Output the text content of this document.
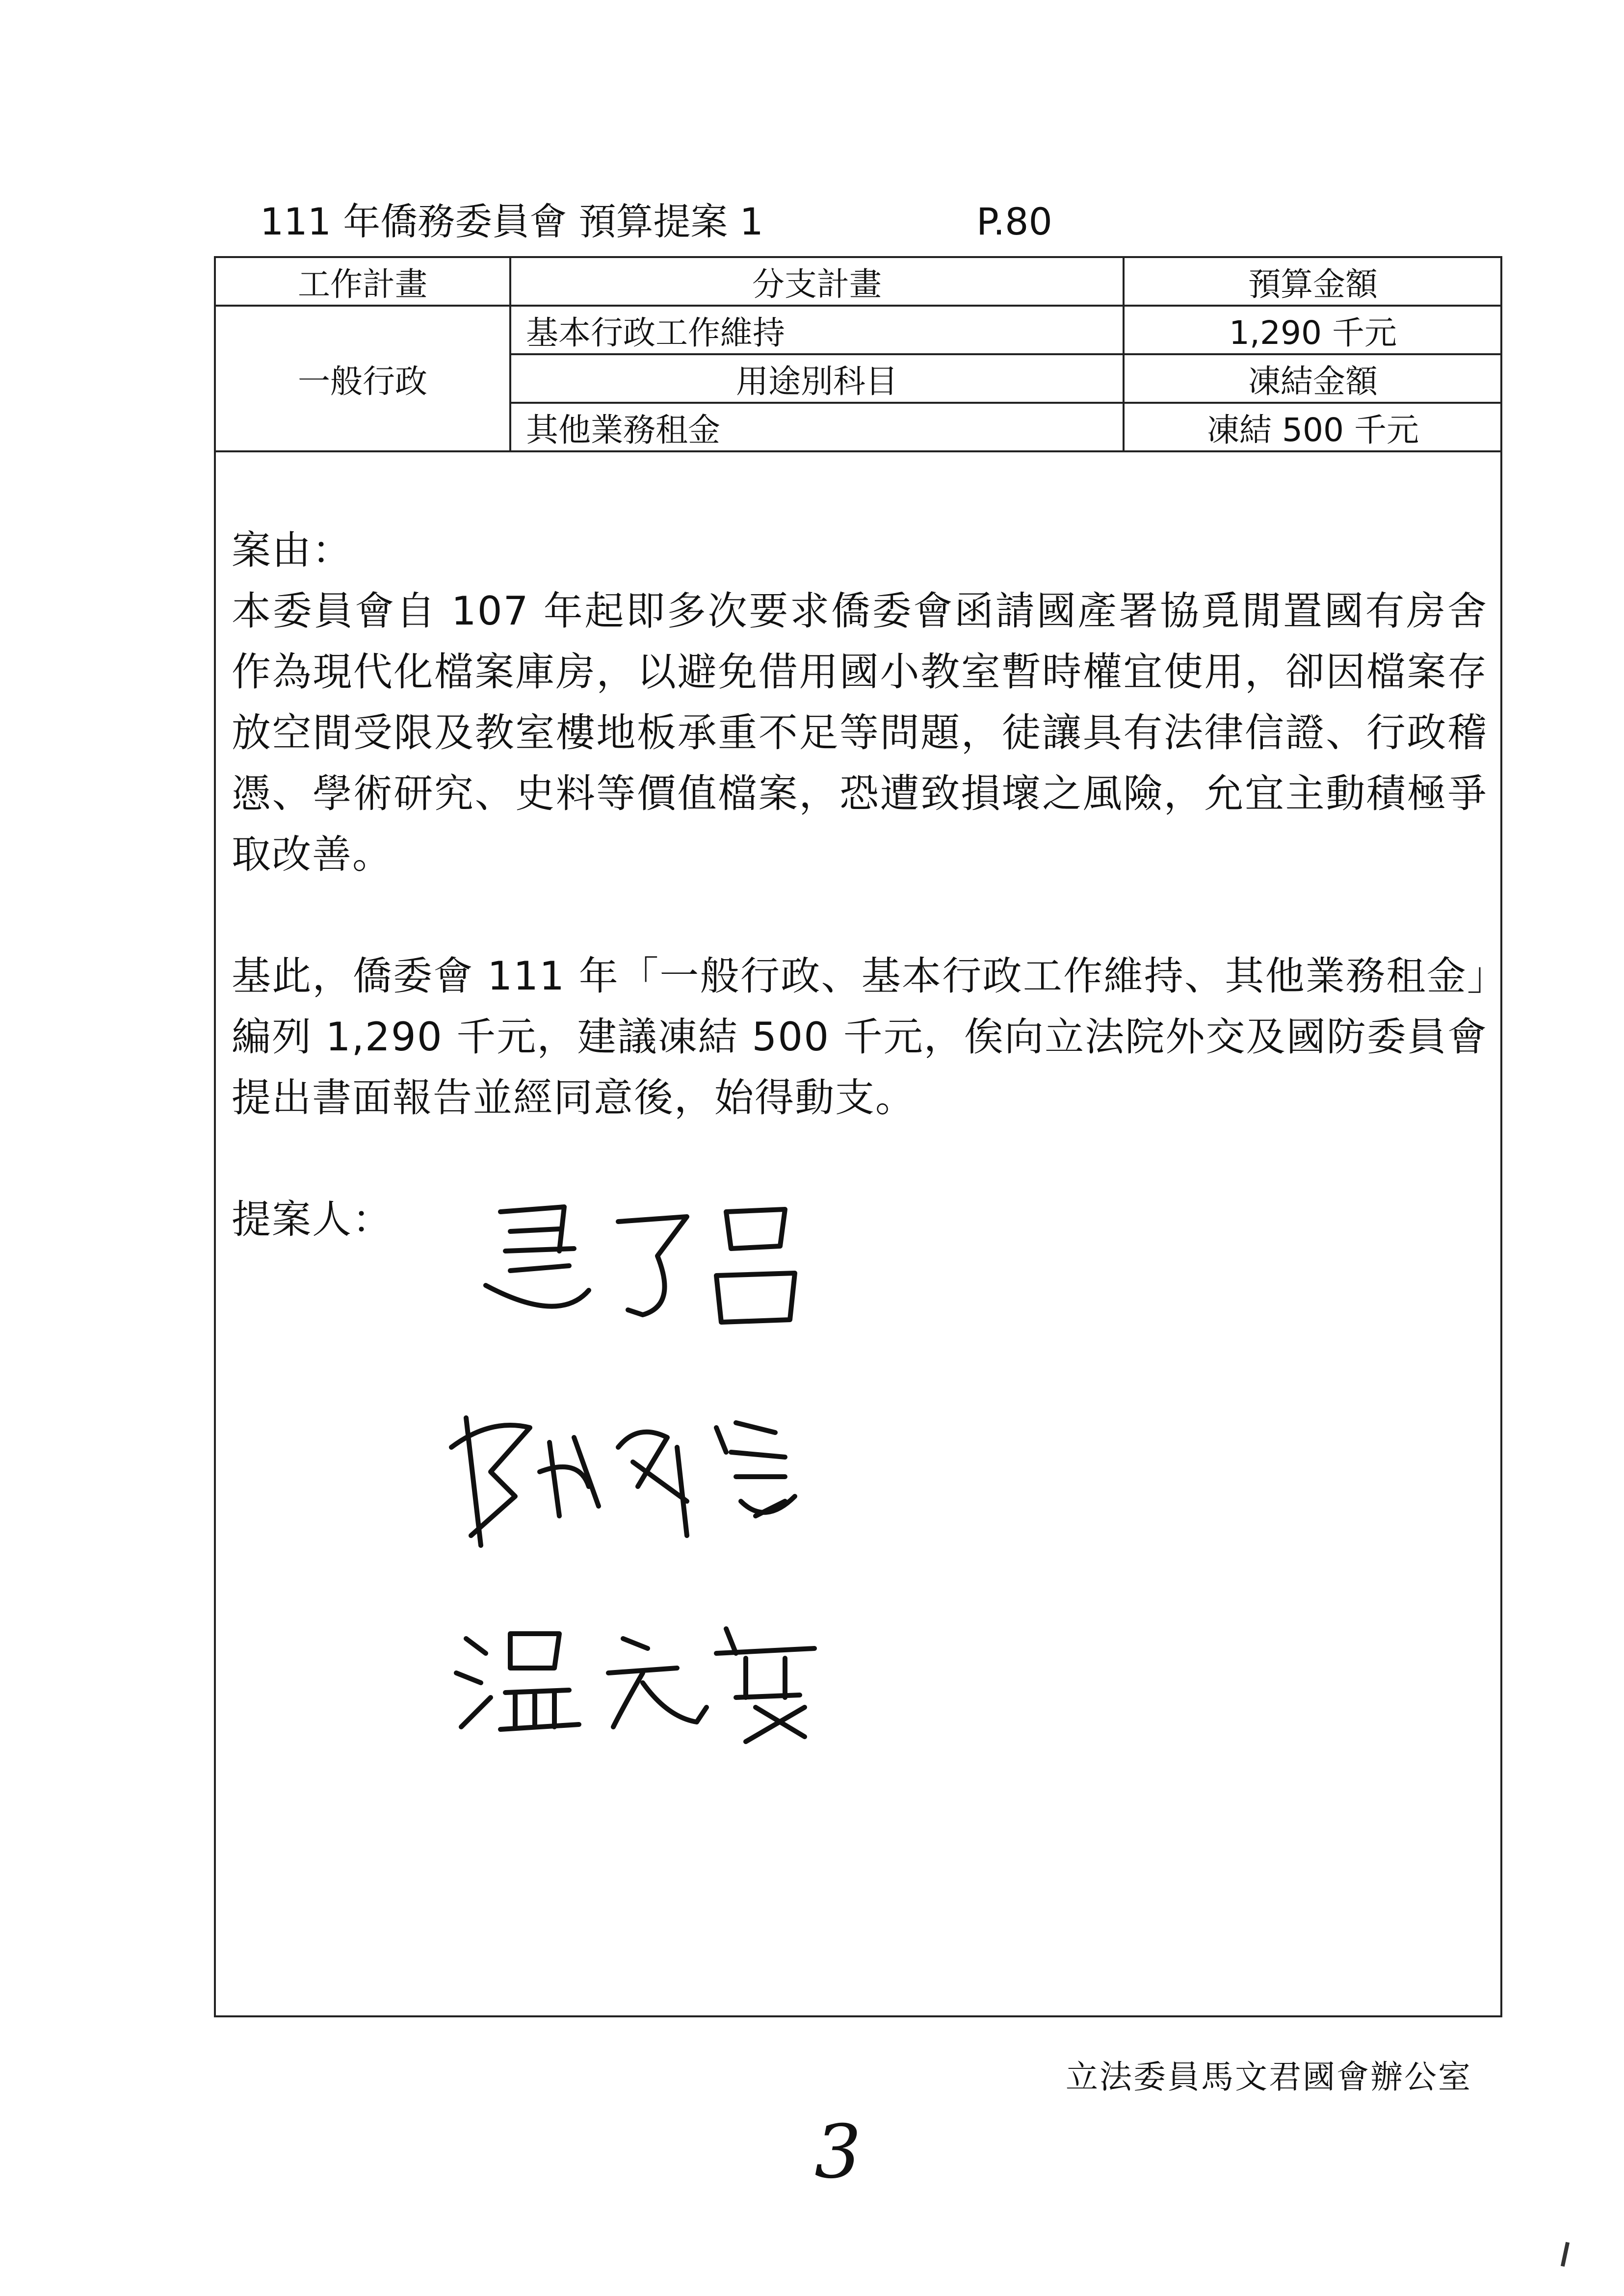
111 年僑務委員會 預算提案 1	P.80
工作計畫	分支計畫	預算金額
一般行政	基本行政工作維持	1,290 千元
	用途別科目	凍結金額
	其他業務租金	凍結 500 千元

案由：

本委員會自 107 年起即多次要求僑委會函請國產署協覓閒置國有房舍作為現代化檔案庫房，以避免借用國小教室暫時權宜使用，卻因檔案存放空間受限及教室樓地板承重不足等問題，徒讓具有法律信證、行政稽憑、學術研究、史料等價值檔案，恐遭致損壞之風險，允宜主動積極爭取改善。

基此，僑委會 111 年「一般行政、基本行政工作維持、其他業務租金」編列 1,290 千元，建議凍結 500 千元，俟向立法院外交及國防委員會提出書面報告並經同意後，始得動支。

提案人：

立法委員馬文君國會辦公室
3
